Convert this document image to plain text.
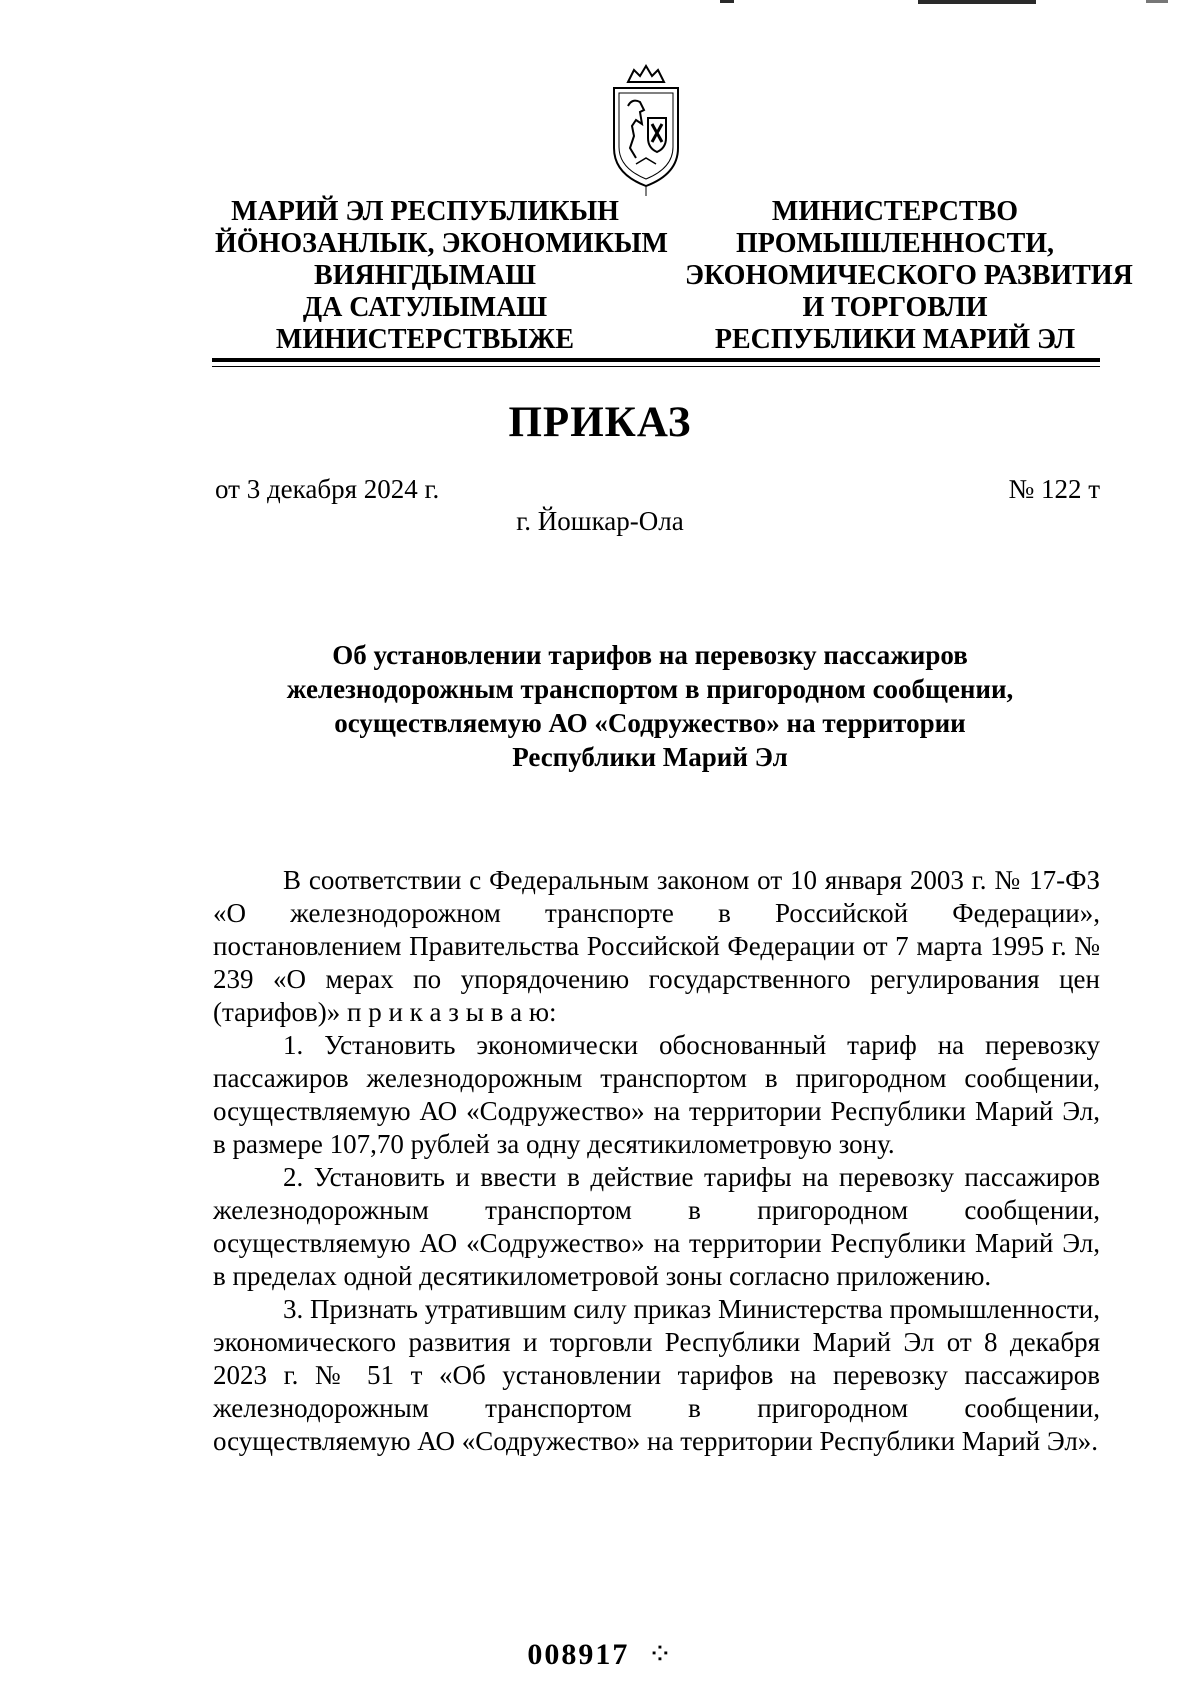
МАРИЙ ЭЛ РЕСПУБЛИКЫН
ЙӦНОЗАНЛЫК, ЭКОНОМИКЫМ
ВИЯНГДЫМАШ
ДА САТУЛЫМАШ
МИНИСТЕРСТВЫЖЕ
МИНИСТЕРСТВО
ПРОМЫШЛЕННОСТИ,
ЭКОНОМИЧЕСКОГО РАЗВИТИЯ
И ТОРГОВЛИ
РЕСПУБЛИКИ МАРИЙ ЭЛ
ПРИКАЗ
от 3 декабря 2024 г.	№ 122 т
г. Йошкар-Ола
Об установлении тарифов на перевозку пассажиров
железнодорожным транспортом в пригородном сообщении,
осуществляемую АО «Содружество» на территории
Республики Марий Эл

В соответствии с Федеральным законом от 10 января 2003 г. № 17-ФЗ «О железнодорожном транспорте в Российской Федерации», постановлением Правительства Российской Федерации от 7 марта 1995 г. № 239 «О мерах по упорядочению государственного регулирования цен (тарифов)» п р и к а з ы в а ю:

1. Установить экономически обоснованный тариф на перевозку пассажиров железнодорожным транспортом в пригородном сообщении, осуществляемую АО «Содружество» на территории Республики Марий Эл, в размере 107,70 рублей за одну десятикилометровую зону.

2. Установить и ввести в действие тарифы на перевозку пассажиров железнодорожным транспортом в пригородном сообщении, осуществляемую АО «Содружество» на территории Республики Марий Эл, в пределах одной десятикилометровой зоны согласно приложению.

3. Признать утратившим силу приказ Министерства промышленности, экономического развития и торговли Республики Марий Эл от 8 декабря 2023 г. № 51 т «Об установлении тарифов на перевозку пассажиров железнодорожным транспортом в пригородном сообщении, осуществляемую АО «Содружество» на территории Республики Марий Эл».

008917 ⁘
